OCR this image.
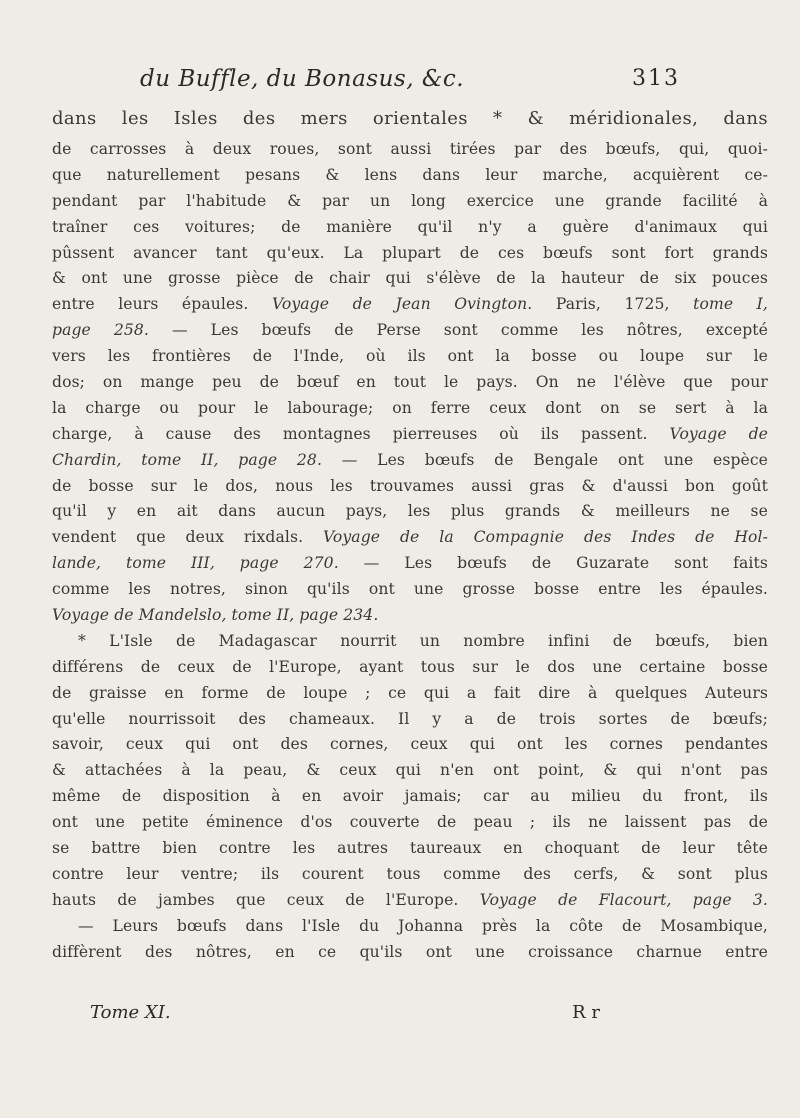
du Buffle, du Bonasus, &c.	313
dans les Isles des mers orientales * & méridionales, dans
de carrosses à deux roues, sont aussi tirées par des bœufs, qui, quoi-
que naturellement pesans & lens dans leur marche, acquièrent ce-
pendant par l'habitude & par un long exercice une grande facilité à
traîner ces voitures; de manière qu'il n'y a guère d'animaux qui
pûssent avancer tant qu'eux. La plupart de ces bœufs sont fort grands
& ont une grosse pièce de chair qui s'élève de la hauteur de six pouces
entre leurs épaules. Voyage de Jean Ovington. Paris, 1725, tome I,
page 258. — Les bœufs de Perse sont comme les nôtres, excepté
vers les frontières de l'Inde, où ils ont la bosse ou loupe sur le
dos; on mange peu de bœuf en tout le pays. On ne l'élève que pour
la charge ou pour le labourage; on ferre ceux dont on se sert à la
charge, à cause des montagnes pierreuses où ils passent. Voyage de
Chardin, tome II, page 28. — Les bœufs de Bengale ont une espèce
de bosse sur le dos, nous les trouvames aussi gras & d'aussi bon goût
qu'il y en ait dans aucun pays, les plus grands & meilleurs ne se
vendent que deux rixdals. Voyage de la Compagnie des Indes de Hol-
lande, tome III, page 270. — Les bœufs de Guzarate sont faits
comme les notres, sinon qu'ils ont une grosse bosse entre les épaules.
Voyage de Mandelslo, tome II, page 234.
* L'Isle de Madagascar nourrit un nombre infini de bœufs, bien
différens de ceux de l'Europe, ayant tous sur le dos une certaine bosse
de graisse en forme de loupe ; ce qui a fait dire à quelques Auteurs
qu'elle nourrissoit des chameaux. Il y a de trois sortes de bœufs;
savoir, ceux qui ont des cornes, ceux qui ont les cornes pendantes
& attachées à la peau, & ceux qui n'en ont point, & qui n'ont pas
même de disposition à en avoir jamais; car au milieu du front, ils
ont une petite éminence d'os couverte de peau ; ils ne laissent pas de
se battre bien contre les autres taureaux en choquant de leur tête
contre leur ventre; ils courent tous comme des cerfs, & sont plus
hauts de jambes que ceux de l'Europe. Voyage de Flacourt, page 3.
— Leurs bœufs dans l'Isle du Johanna près la côte de Mosambique,
diffèrent des nôtres, en ce qu'ils ont une croissance charnue entre
Tome XI.	R r
